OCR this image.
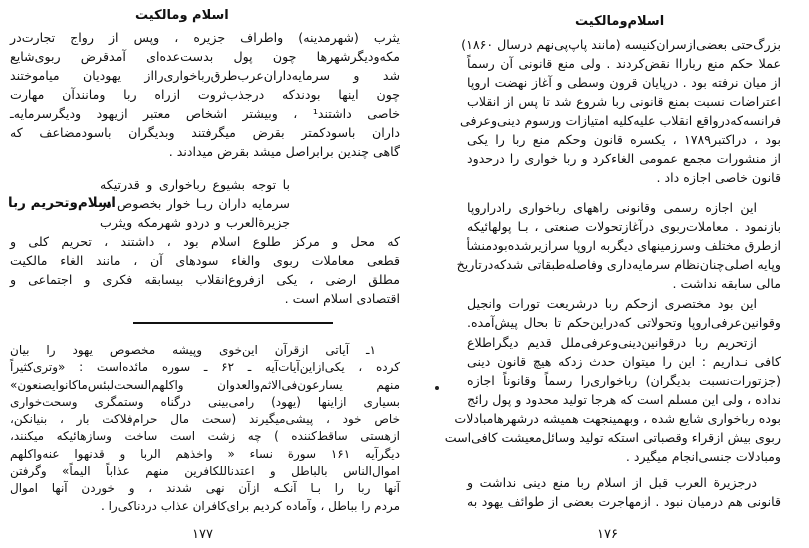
اسلام ومالکیت
یثرب (شهرمدینه) واطراف جزیره ، وپس از رواج تجارت‌در
مکه‌ودیگرشهرها چون پول بدست‌عده‌ای آمدقرض ربوی‌شایع
شد و سرمایه‌داران‌عرب‌طرق‌رباخواری‌رااز یهودیان میاموختند
چون اینها بودندکه درجذب‌ثروت ازراه ربا ومانندآن مهارت
خاصی داشتند¹ ، وبیشتر اشخاص معتبر ازیهود ودیگرسرمایه‌ـ
داران باسودکمتر بقرض میگرفتند وبدیگران باسودمضاعف که
گاهی چندین برابراصل میشد بقرض میدادند .
با توجه بشیوع رباخواری و قدرتیکه
سرمایه داران ربـا خوار بخصوص در
جزیرةالعرب و دردو شهرمکه ویثرب
اسلام‌وتحریم ربا
که محل و مرکز طلوع اسلام بود ، داشتند ، تحریم کلی و
قطعی معاملات ربوی والغاء سودهای آن ، مانند الغاء مالکیت
مطلق ارضی ، یکی ازفروع‌انقلاب بیسابقه فکری و اجتماعی و
اقتصادی اسلام است .
۱ـ آیاتی ازقرآن این‌خوی وپیشه مخصوص یهود را بیان
کرده ، یکی‌ازاین‌آیات‌آیه ـ ۶۲ ـ سوره مائده‌است : «وتری‌کثیراً
منهم یسارعون‌فی‌الاثم‌والعدوان واکلهم‌السحت‌لبئس‌ما‌کانوایصنعون»
بسیاری ازاینها (یهود) رامی‌بینی درگناه وستمگری وسحت‌خواری
خاص خود ، پیشی‌میگیرند (سحت مال حرام‌فلاکت بار ، بنیانکن،
ازهستی ساقط‌کننده ) چه زشت است ساخت وسازهائیکه میکنند،
دیگرآیه ۱۶۱ سورة نساء « واخذهم الربا و قدنهوا عنه‌واکلهم
اموال‌الناس بالباطل و اعتدنا‌للکافرین منهم عذاباً الیماً» وگرفتن
آنها ربا را بـا آنکـه ازآن نهی شدند ، و خوردن آنها اموال
مردم را بباطل ، وآماده کردیم برای‌کافران عذاب دردناکی‌را .
۱۷۷
اسلام‌ومالکیت
بزرگ‌حتی بعضی‌ازسران‌کنیسه (مانند پاپ‌پی‌نهم درسال ۱۸۶۰)
عملا حکم منع رباراا نقض‌کردند . ولی منع قانونی آن رسماً
از میان نرفته بود . درپایان قرون وسطی و آغاز نهضت اروپا
اعتراضات نسبت بمنع قانونی ربا شروع شد تا پس از انقلاب
فرانسه‌که‌درواقع انقلاب علیه‌کلیه امتیازات ورسوم دینی‌وعرفی
بود ، دراکتبر۱۷۸۹ ، یکسره قانون وحکم منع ربا را یکی
از منشورات مجمع عمومی الغاءکرد و ربا خواری را درحدود
قانون خاصی اجازه داد .
این اجازه رسمی وقانونی راههای رباخواری رادراروپا
بازنمود . معاملات‌ربوی درآغازتحولات صنعتی ، بـا پولهائیکه
ازطرق مختلف وسرزمینهای دیگربه اروپا سرازیرشده‌بودمنشأ
وپایه اصلی‌چنان‌نظام سرمایه‌داری وفاصله‌طبقاتی شدکه‌درتاریخ
مالی سابقه نداشت .
این بود مختصری ازحکم ربا درشریعت تورات وانجیل
وقوانین‌عرفی‌اروپا وتحولاتی که‌دراین‌حکم تا بحال پیش‌آمده.
ازتحریم ربا درقوانین‌دینی‌وعرفی‌ملل قدیم دیگراطلاع
کافی نـداریم : این را میتوان حدث زدکه هیچ قانون دینی
(جزتورات‌نسبت بدیگران) رباخواری‌را رسماً وقانوناً اجازه
نداده ، ولی این مسلم است که هرجا تولید محدود و پول رائج
بوده رباخواری شایع شده ، وبهمینجهت همیشه درشهرهامبادلات
ربوی بیش ازقراء وقصباتی استکه تولید وسائل‌معیشت کافی‌است
ومبادلات جنسی‌انجام میگیرد .
درجزیرة العرب قبل از اسلام ربا منع دینی نداشت و
قانونی هم درمیان نبود . ازمهاجرت بعضی از طوائف یهود به
۱۷۶
